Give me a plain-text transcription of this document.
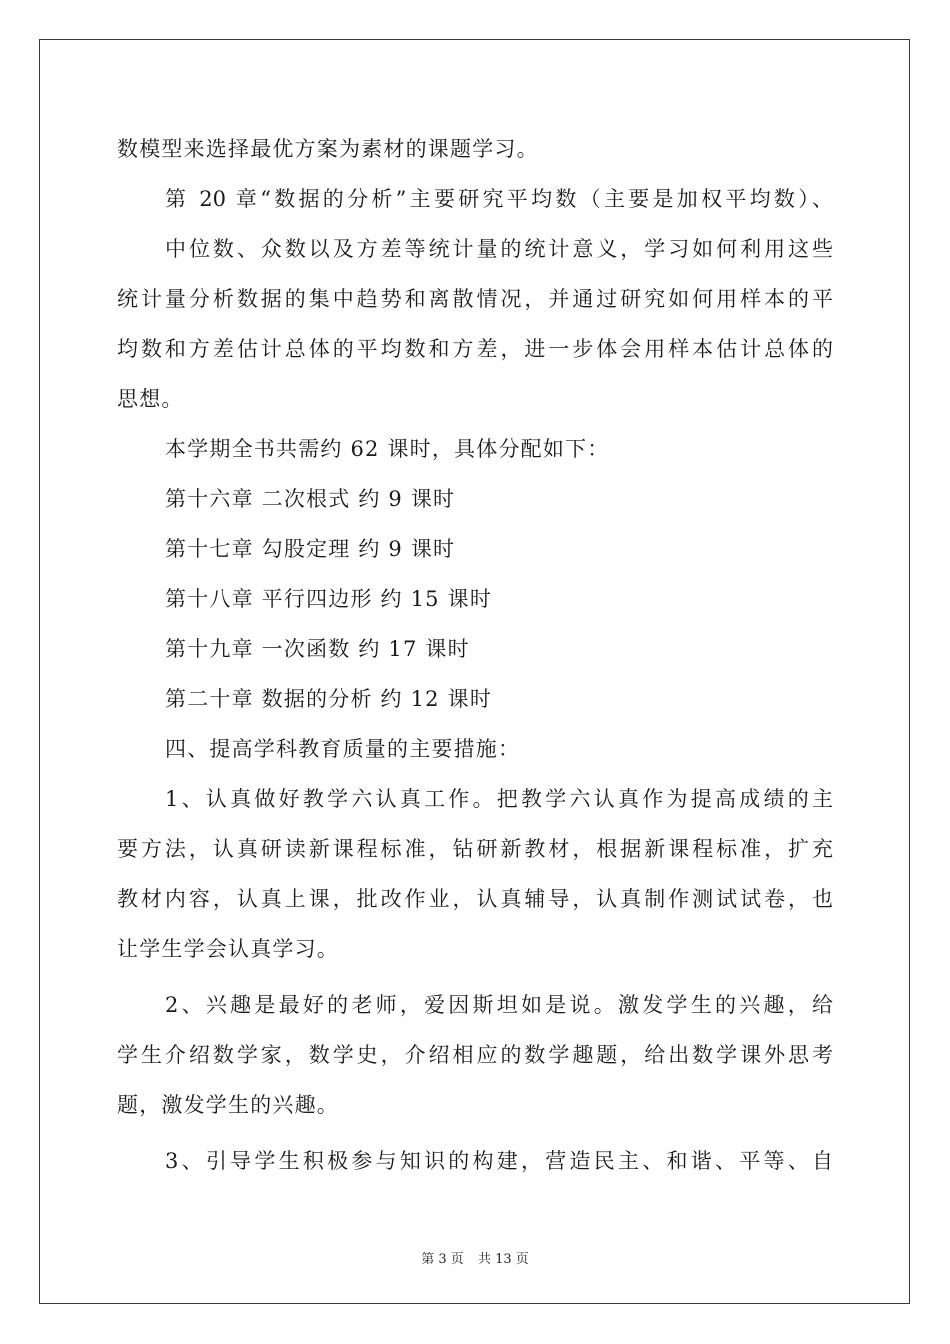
数模型来选择最优方案为素材的课题学习。
第 20 章“数据的分析”主要研究平均数（主要是加权平均数）、
中位数、众数以及方差等统计量的统计意义，学习如何利用这些
统计量分析数据的集中趋势和离散情况，并通过研究如何用样本的平
均数和方差估计总体的平均数和方差，进一步体会用样本估计总体的
思想。
本学期全书共需约 62 课时，具体分配如下：
第十六章 二次根式 约 9 课时
第十七章 勾股定理 约 9 课时
第十八章 平行四边形 约 15 课时
第十九章 一次函数 约 17 课时
第二十章 数据的分析 约 12 课时
四、提高学科教育质量的主要措施：
1、认真做好教学六认真工作。把教学六认真作为提高成绩的主
要方法，认真研读新课程标准，钻研新教材，根据新课程标准，扩充
教材内容，认真上课，批改作业，认真辅导，认真制作测试试卷，也
让学生学会认真学习。
2、兴趣是最好的老师，爱因斯坦如是说。激发学生的兴趣，给
学生介绍数学家，数学史，介绍相应的数学趣题，给出数学课外思考
题，激发学生的兴趣。
3、引导学生积极参与知识的构建，营造民主、和谐、平等、自
第 3 页 共 13 页
